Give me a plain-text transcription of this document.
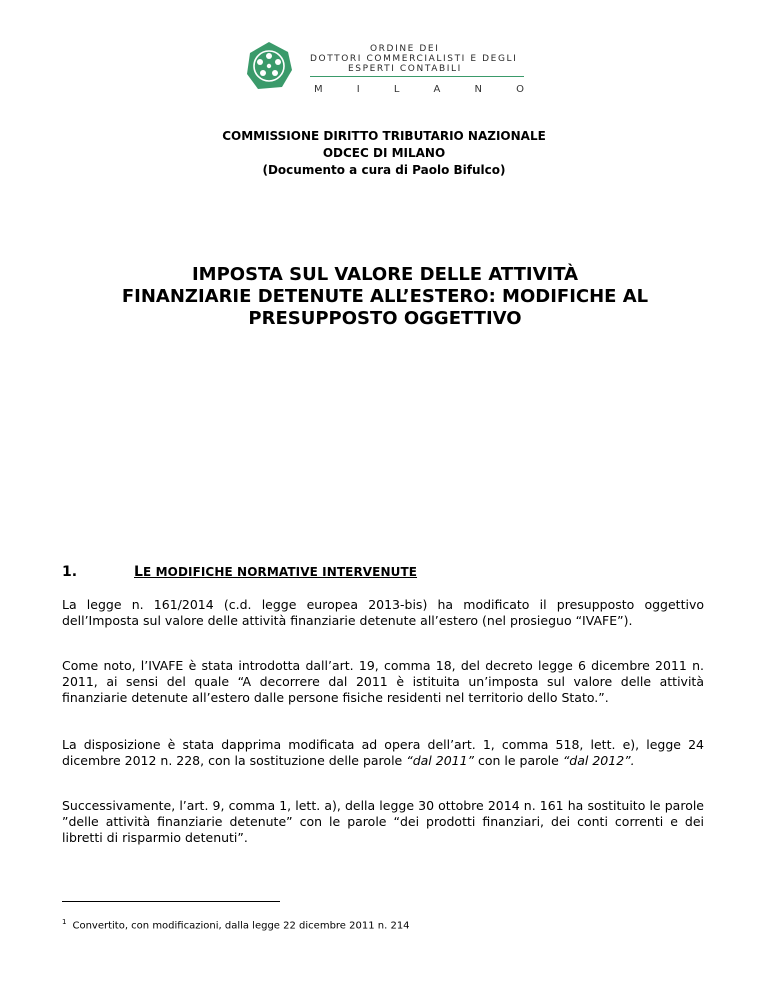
ORDINE DEI
DOTTORI COMMERCIALISTI E DEGLI
ESPERTI CONTABILI
M	I	L	A	N	O
COMMISSIONE DIRITTO TRIBUTARIO NAZIONALE
ODCEC DI MILANO
(Documento a cura di Paolo Bifulco)
IMPOSTA SUL VALORE DELLE ATTIVITÀ
FINANZIARIE DETENUTE ALL’ESTERO: MODIFICHE AL
PRESUPPOSTO OGGETTIVO
1.	LE MODIFICHE NORMATIVE INTERVENUTE

La legge n. 161/2014 (c.d. legge europea 2013-bis) ha modificato il presupposto oggettivo dell’Imposta sul valore delle attività finanziarie detenute all’estero (nel prosieguo “IVAFE”).

Come noto, l’IVAFE è stata introdotta dall’art. 19, comma 18, del decreto legge 6 dicembre 2011 n. 2011, ai sensi del quale “A decorrere dal 2011 è istituita un’imposta sul valore delle attività finanziarie detenute all’estero dalle persone fisiche residenti nel territorio dello Stato.”.

La disposizione è stata dapprima modificata ad opera dell’art. 1, comma 518, lett. e), legge 24 dicembre 2012 n. 228, con la sostituzione delle parole “dal 2011” con le parole “dal 2012”.

Successivamente, l’art. 9, comma 1, lett. a), della legge 30 ottobre 2014 n. 161 ha sostituito le parole ”delle attività finanziarie detenute” con le parole “dei prodotti finanziari, dei conti correnti e dei libretti di risparmio detenuti”.

$^1$ Convertito, con modificazioni, dalla legge 22 dicembre 2011 n. 214
